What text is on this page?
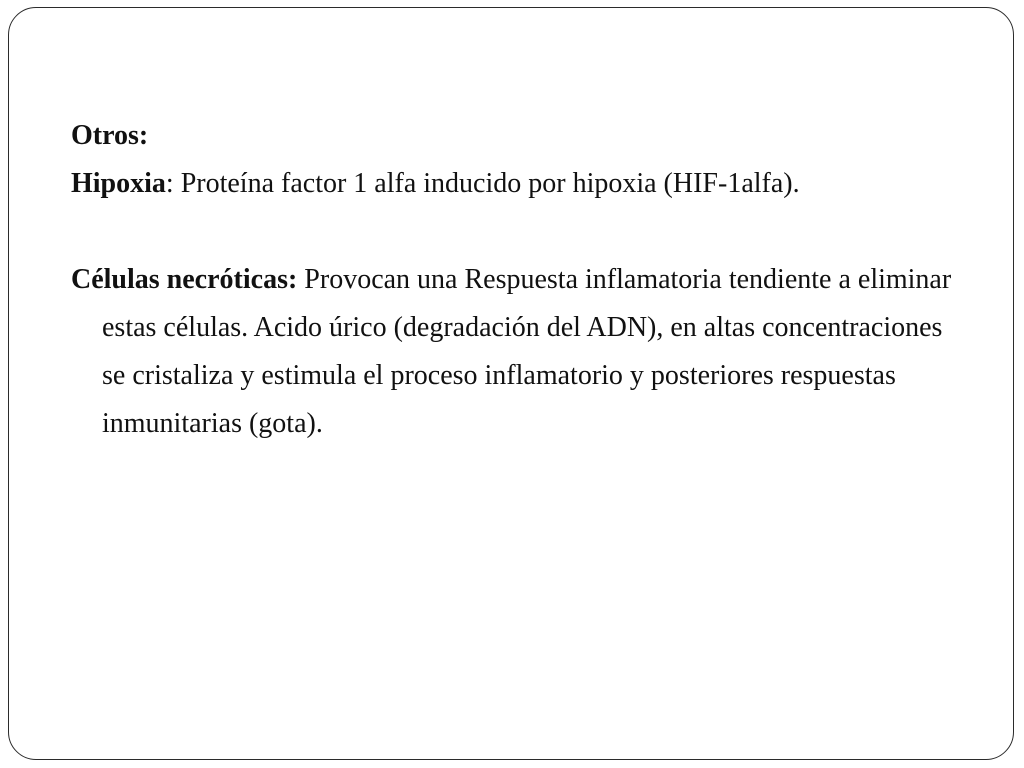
Otros:

Hipoxia: Proteína factor 1 alfa inducido por hipoxia (HIF-1alfa).

Células necróticas: Provocan una Respuesta inflamatoria tendiente a eliminar estas células. Acido úrico (degradación del ADN), en altas concentraciones se cristaliza y estimula el proceso inflamatorio y posteriores respuestas inmunitarias (gota).
